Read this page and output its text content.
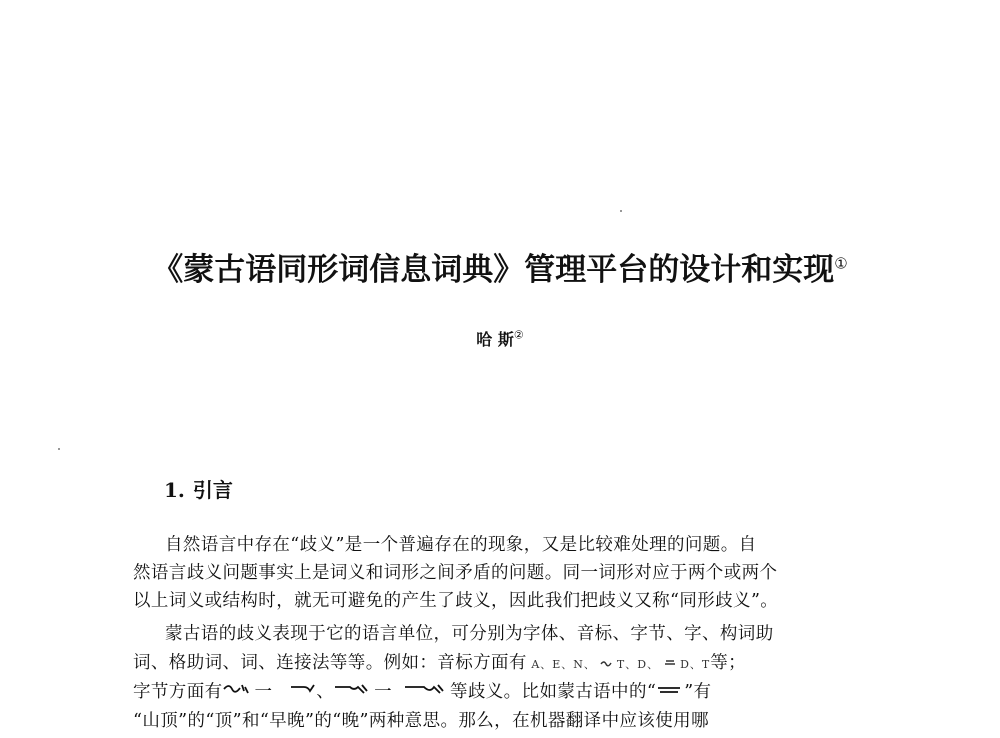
《蒙古语同形词信息词典》管理平台的设计和实现①
哈 斯②
1. 引言
自然语言中存在“歧义”是一个普遍存在的现象，又是比较难处理的问题。自
然语言歧义问题事实上是词义和词形之间矛盾的问题。同一词形对应于两个或两个
以上词义或结构时，就无可避免的产生了歧义，因此我们把歧义又称“同形歧义”。
蒙古语的歧义表现于它的语言单位，可分别为字体、音标、字节、字、构词助
词、格助词、词、连接法等等。例如：音标方面有 A、E、N、 T、D、 D、T等；
字节方面有 一	、 一	等歧义。比如蒙古语中的“ ”有
“山顶”的“顶”和“早晚”的“晚”两种意思。那么，在机器翻译中应该使用哪
